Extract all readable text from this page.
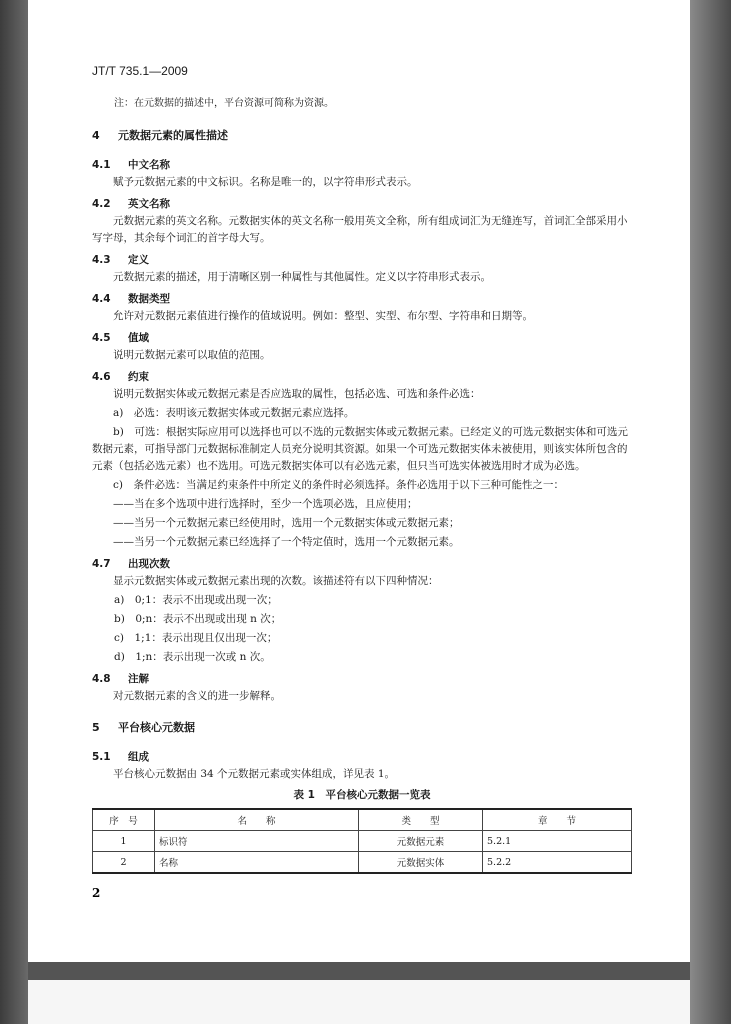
JT/T 735.1—2009
注：在元数据的描述中，平台资源可简称为资源。
4 元数据元素的属性描述
4.1 中文名称

赋予元数据元素的中文标识。名称是唯一的，以字符串形式表示。

4.2 英文名称

元数据元素的英文名称。元数据实体的英文名称一般用英文全称，所有组成词汇为无缝连写，首词汇全部采用小写字母，其余每个词汇的首字母大写。

4.3 定义

元数据元素的描述，用于清晰区别一种属性与其他属性。定义以字符串形式表示。

4.4 数据类型

允许对元数据元素值进行操作的值域说明。例如：整型、实型、布尔型、字符串和日期等。

4.5 值域

说明元数据元素可以取值的范围。

4.6 约束

说明元数据实体或元数据元素是否应选取的属性，包括必选、可选和条件必选：

a)　必选：表明该元数据实体或元数据元素应选择。

b)　可选：根据实际应用可以选择也可以不选的元数据实体或元数据元素。已经定义的可选元数据实体和可选元数据元素，可指导部门元数据标准制定人员充分说明其资源。如果一个可选元数据实体未被使用，则该实体所包含的元素（包括必选元素）也不选用。可选元数据实体可以有必选元素，但只当可选实体被选用时才成为必选。

c)　条件必选：当满足约束条件中所定义的条件时必须选择。条件必选用于以下三种可能性之一：

——当在多个选项中进行选择时，至少一个选项必选，且应使用；

——当另一个元数据元素已经使用时，选用一个元数据实体或元数据元素；

——当另一个元数据元素已经选择了一个特定值时，选用一个元数据元素。

4.7 出现次数

显示元数据实体或元数据元素出现的次数。该描述符有以下四种情况：

a)　0;1：表示不出现或出现一次；

b)　0;n：表示不出现或出现 n 次；

c)　1;1：表示出现且仅出现一次；

d)　1;n：表示出现一次或 n 次。

4.8 注解

对元数据元素的含义的进一步解释。

5 平台核心元数据
5.1 组成

平台核心元数据由 34 个元数据元素或实体组成，详见表 1。

表 1　平台核心元数据一览表
序　号	名　　称	类　　型	章　　节
1	标识符	元数据元素	5.2.1
2	名称	元数据实体	5.2.2
2
